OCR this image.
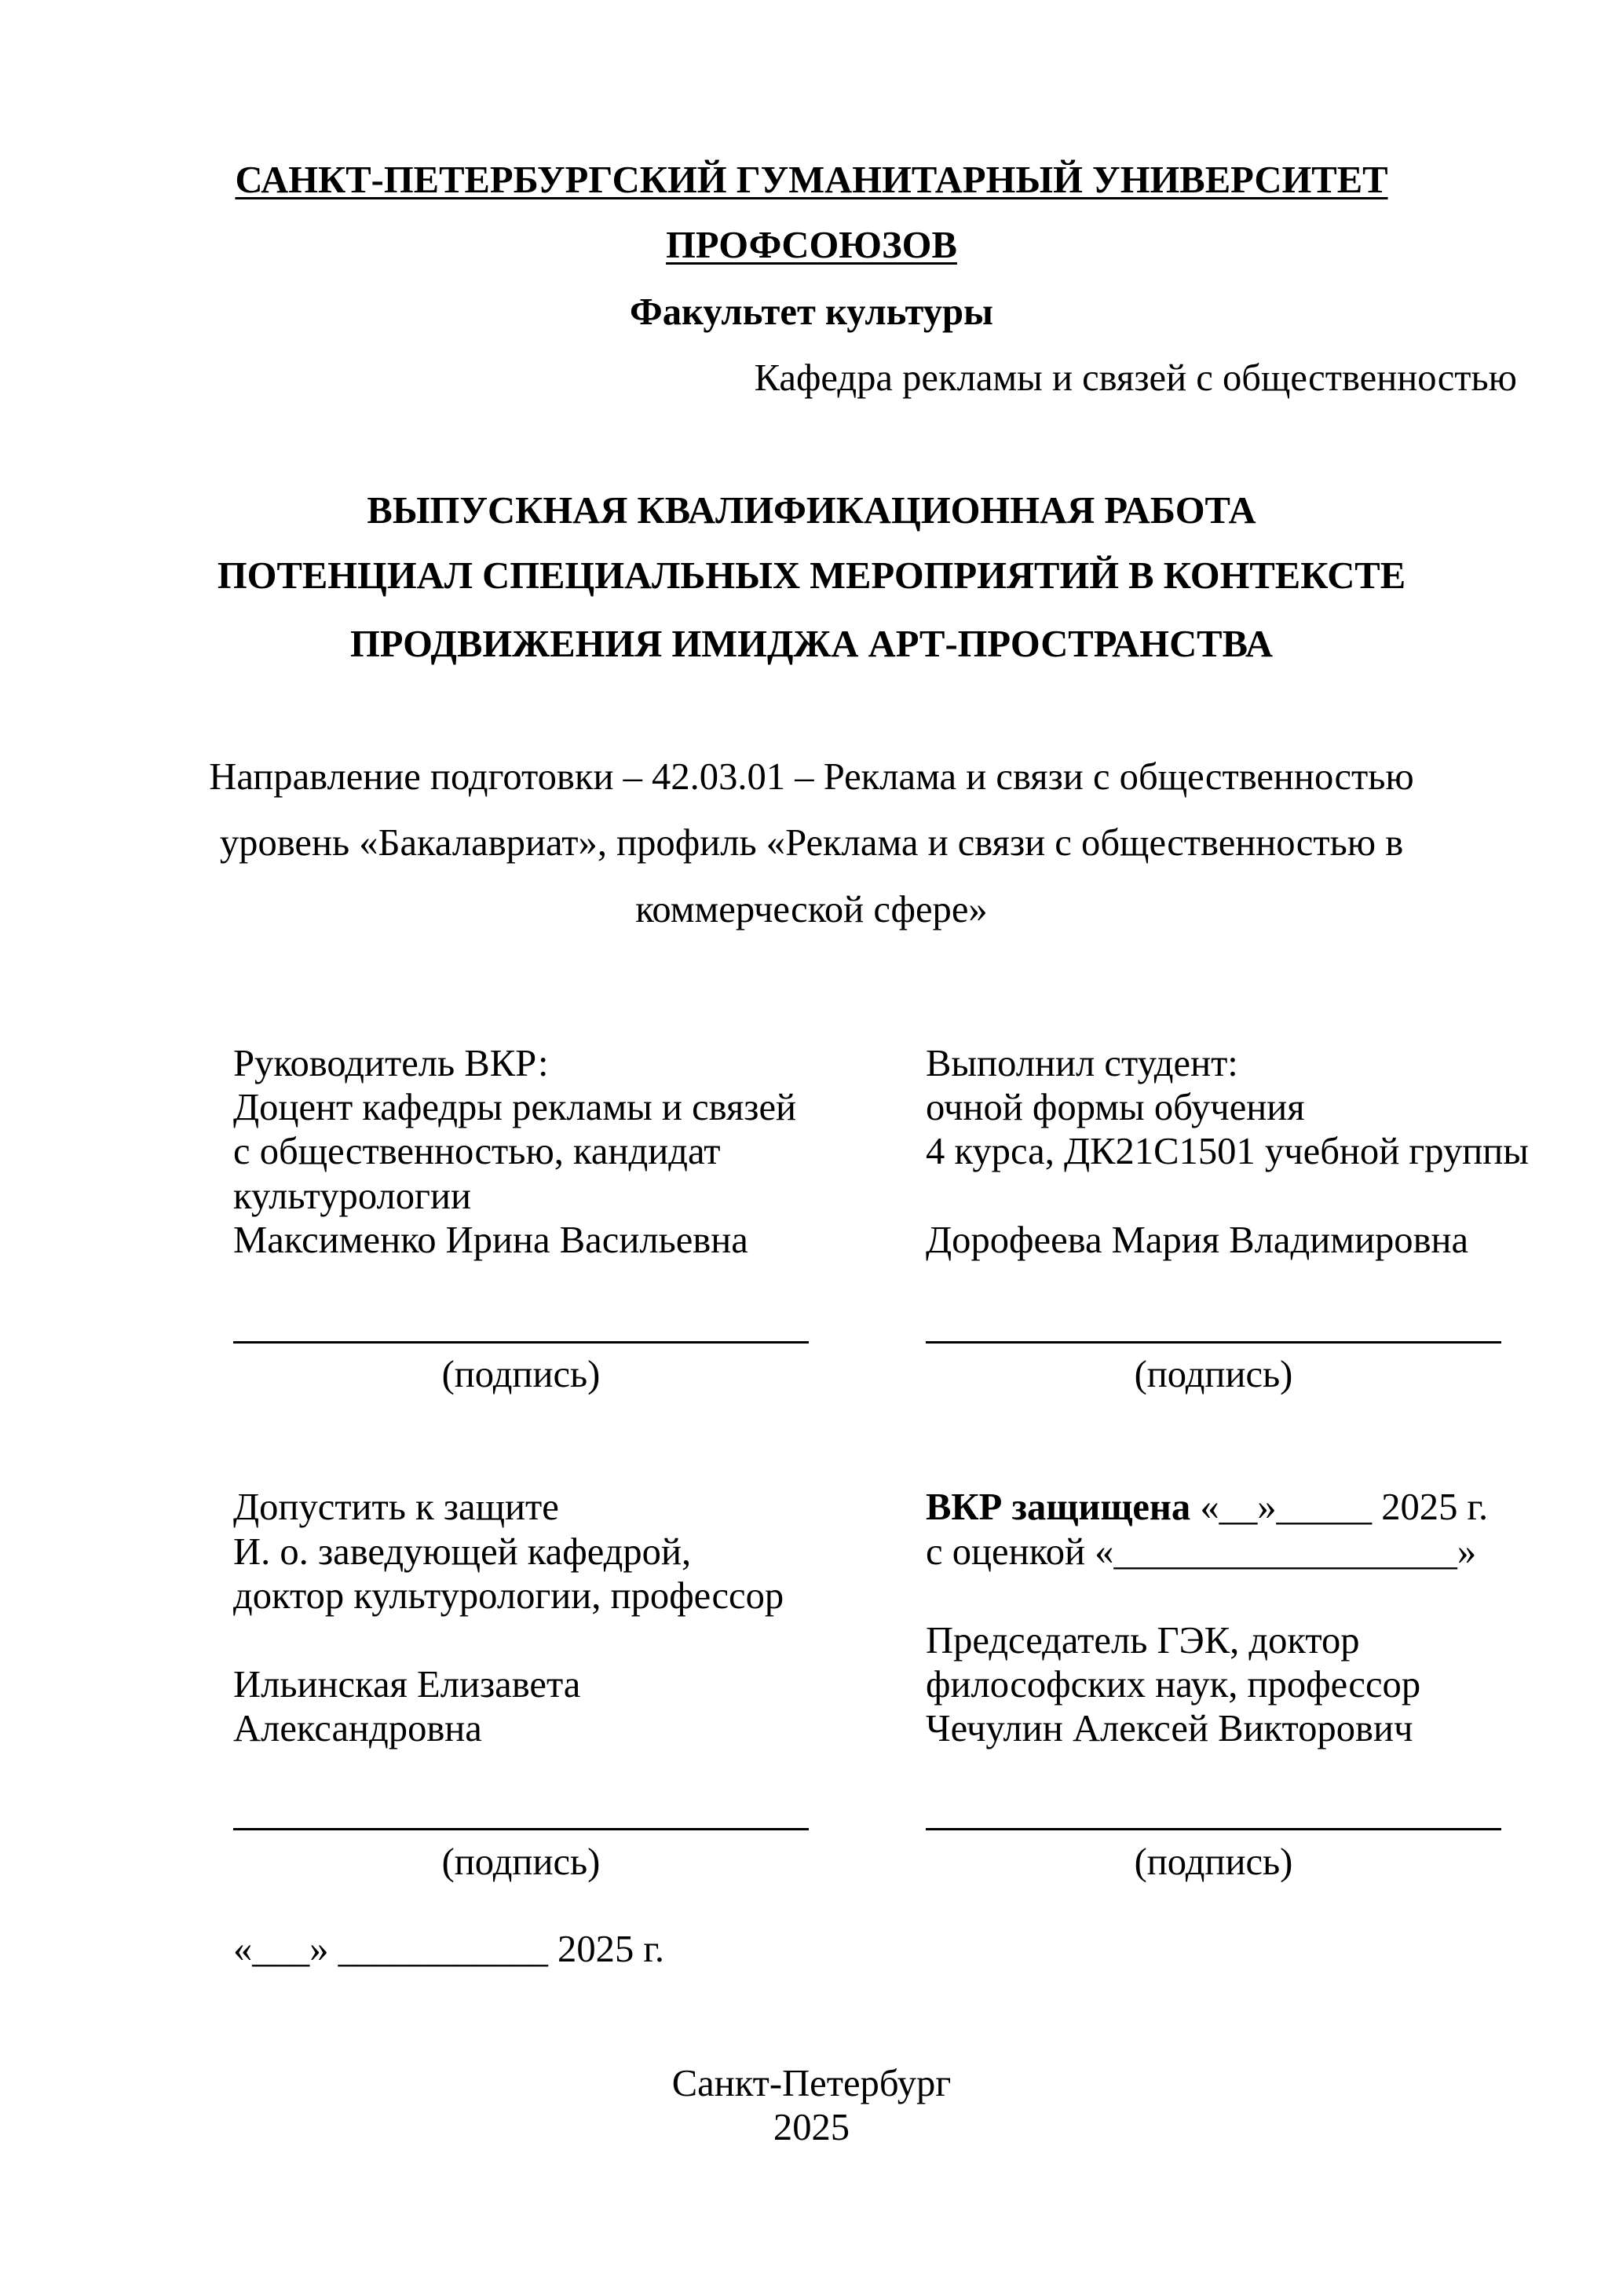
САНКТ-ПЕТЕРБУРГСКИЙ ГУМАНИТАРНЫЙ УНИВЕРСИТЕТ
ПРОФСОЮЗОВ
Факультет культуры
Кафедра рекламы и связей с общественностью
ВЫПУСКНАЯ КВАЛИФИКАЦИОННАЯ РАБОТА
ПОТЕНЦИАЛ СПЕЦИАЛЬНЫХ МЕРОПРИЯТИЙ В КОНТЕКСТЕ
ПРОДВИЖЕНИЯ ИМИДЖА АРТ-ПРОСТРАНСТВА
Направление подготовки – 42.03.01 – Реклама и связи с общественностью
уровень «Бакалавриат», профиль «Реклама и связи с общественностью в
коммерческой сфере»
Руководитель ВКР:
Доцент кафедры рекламы и связей
с общественностью, кандидат
культурологии
Максименко Ирина Васильевна
(подпись)
Выполнил студент:
очной формы обучения
4 курса, ДК21С1501 учебной группы
Дорофеева Мария Владимировна
(подпись)
Допустить к защите
И. о. заведующей кафедрой,
доктор культурологии, профессор
Ильинская Елизавета
Александровна
(подпись)
«___» ___________ 2025 г.
ВКР защищена «__»_____ 2025 г.
с оценкой «__________________»
Председатель ГЭК, доктор
философских наук, профессор
Чечулин Алексей Викторович
(подпись)
Санкт-Петербург
2025
